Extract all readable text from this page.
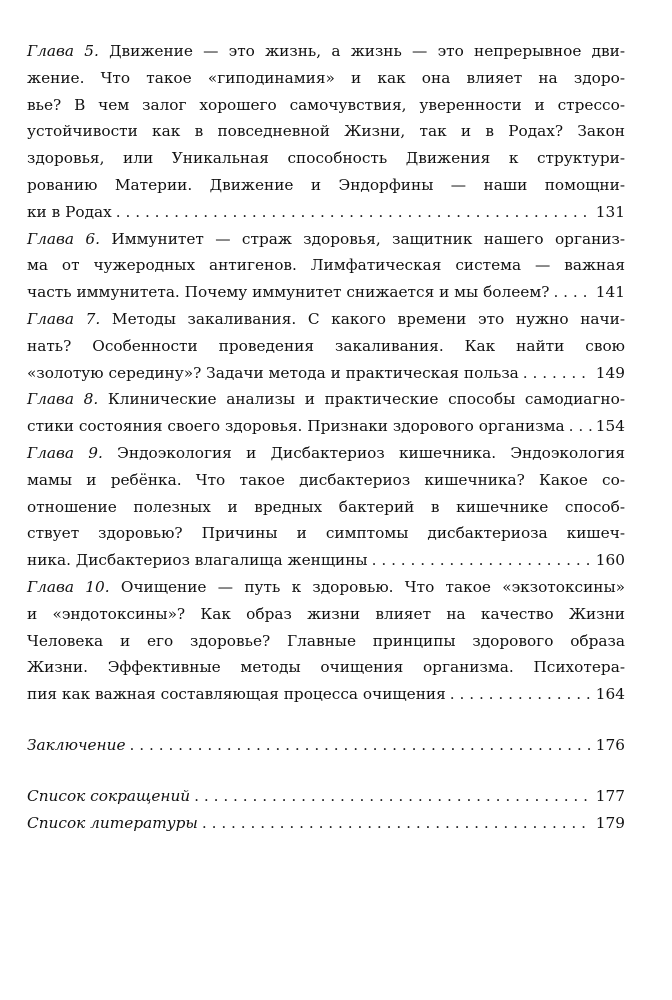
Глава 5. Движение — это жизнь, а жизнь — это непрерывное дви-
жение. Что такое «гиподинамия» и как она влияет на здоро-
вье? В чем залог хорошего самочувствия, уверенности и стрессо-
устойчивости как в повседневной Жизни, так и в Родах? Закон
здоровья, или Уникальная способность Движения к структури-
рованию Материи. Движение и Эндорфины — наши помощни-
ки в Родах . . .	131
Глава 6. Иммунитет — страж здоровья, защитник нашего организ-
ма от чужеродных антигенов. Лимфатическая система — важная
часть иммунитета. Почему иммунитет снижается и мы болеем? . . .	141
Глава 7. Методы закаливания. С какого времени это нужно начи-
нать? Особенности проведения закаливания. Как найти свою
«золотую середину»? Задачи метода и практическая польза . . .	149
Глава 8. Клинические анализы и практические способы самодиагно-
стики состояния своего здоровья. Признаки здорового организма . . . 154
Глава 9. Эндоэкология и Дисбактериоз кишечника. Эндоэкология
мамы и ребёнка. Что такое дисбактериоз кишечника? Какое со-
отношение полезных и вредных бактерий в кишечнике способ-
ствует здоровью? Причины и симптомы дисбактериоза кишеч-
ника. Дисбактериоз влагалища женщины . . .	160
Глава 10. Очищение — путь к здоровью. Что такое «экзотоксины»
и «эндотоксины»? Как образ жизни влияет на качество Жизни
Человека и его здоровье? Главные принципы здорового образа
Жизни. Эффективные методы очищения организма. Психотера-
пия как важная составляющая процесса очищения . . .	164
Заключение . . .	176
Список сокращений . . .	177
Список литературы . . .	179
